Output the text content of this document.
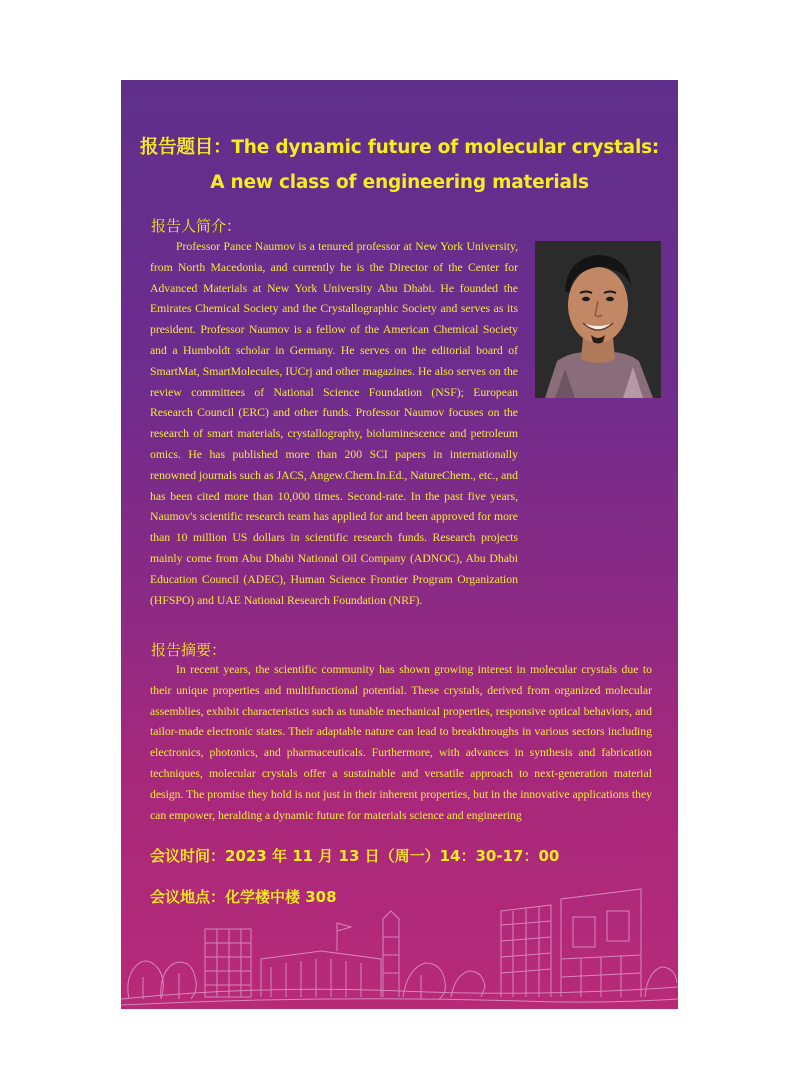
报告题目：The dynamic future of molecular crystals:
A new class of engineering materials
报告人简介：
Professor Pance Naumov is a tenured professor at New York University, from North Macedonia, and currently he is the Director of the Center for Advanced Materials at New York University Abu Dhabi. He founded the Emirates Chemical Society and the Crystallographic Society and serves as its president. Professor Naumov is a fellow of the American Chemical Society and a Humboldt scholar in Germany. He serves on the editorial board of SmartMat, SmartMolecules, IUCrj and other magazines. He also serves on the review committees of National Science Foundation (NSF); European Research Council (ERC) and other funds. Professor Naumov focuses on the research of smart materials, crystallography, bioluminescence and petroleum omics. He has published more than 200 SCI papers in internationally renowned journals such as JACS, Angew.Chem.In.Ed., NatureChem., etc., and has been cited more than 10,000 times. Second-rate. In the past five years, Naumov's scientific research team has applied for and been approved for more than 10 million US dollars in scientific research funds. Research projects mainly come from Abu Dhabi National Oil Company (ADNOC), Abu Dhabi Education Council (ADEC), Human Science Frontier Program Organization (HFSPO) and UAE National Research Foundation (NRF).
报告摘要：
In recent years, the scientific community has shown growing interest in molecular crystals due to their unique properties and multifunctional potential. These crystals, derived from organized molecular assemblies, exhibit characteristics such as tunable mechanical properties, responsive optical behaviors, and tailor-made electronic states. Their adaptable nature can lead to breakthroughs in various sectors including electronics, photonics, and pharmaceuticals. Furthermore, with advances in synthesis and fabrication techniques, molecular crystals offer a sustainable and versatile approach to next-generation material design. The promise they hold is not just in their inherent properties, but in the innovative applications they can empower, heralding a dynamic future for materials science and engineering
会议时间：2023 年 11 月 13 日（周一）14：30-17：00
会议地点：化学楼中楼 308
